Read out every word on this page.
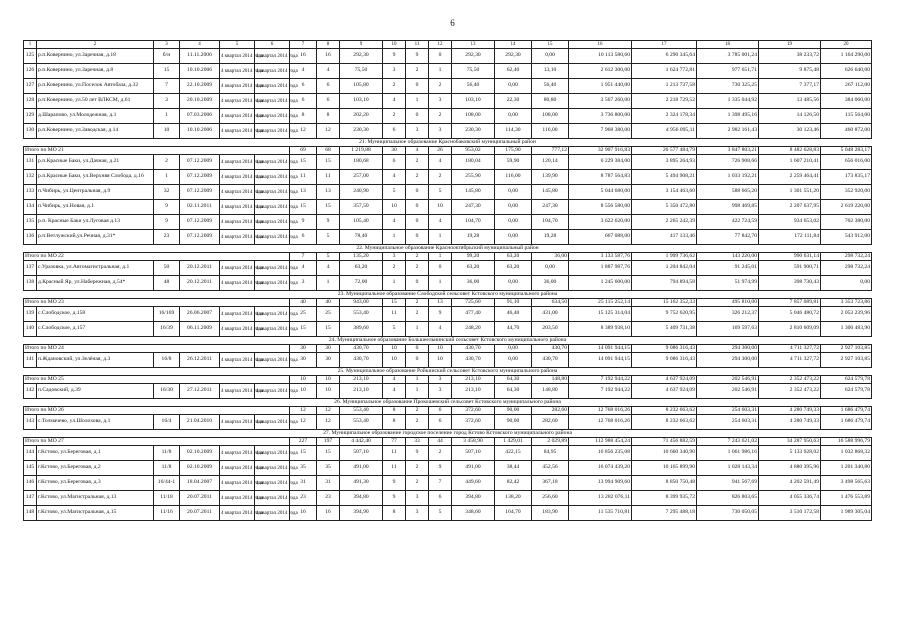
6
1	2	3	4	5	6	7	8	9	10	11	12	13	14	15	16	17	18	19	20
125	р.п.Ковернино, ул.Заречная, д.18	б/н	11.11.2006	4 квартал 2014 года	4 квартал 2014 года	16	16	292,30	9	9	0	292,30	292,30	0,00	10 113 580,60	6 290 345,64	3 785 001,24	38 233,72	1 164 290,00
126	р.п.Ковернино, ул.Заречная, д.8	15	10.10.2006	4 квартал 2014 года	4 квартал 2014 года	4	4	75,50	3	2	1	75,50	62,40	13,10	2 612 300,00	1 624 772,81	977 651,71	9 875,48	626 640,00
127	р.п.Ковернино, ул.Поселок Автобаза, д.32	7	22.10.2009	4 квартал 2014 года	4 квартал 2014 года	6	6	105,80	2	0	2	56,40	0,00	56,40	1 951 440,00	1 213 737,58	730 325,25	7 377,17	267 112,00
128	р.п.Ковернино, ул.50 лет ВЛКСМ, д.61	3	20.10.2009	4 квартал 2014 года	4 квартал 2014 года	6	6	103,10	4	1	3	103,10	22,30	80,80	3 567 260,00	2 218 729,52	1 335 044,92	13 485,56	384 060,00
129	д.Шарапово, ул.Молодежная, д.1	1	07.03.2006	4 квартал 2014 года	4 квартал 2014 года	8	8	202,20	2	0	2	108,00	0,00	108,00	3 736 800,00	2 324 178,34	1 398 495,16	14 126,50	115 564,00
130	р.п.Ковернино, ул.Заводская, д.14	10	10.10.2006	4 квартал 2014 года	4 квартал 2014 года	12	12	230,30	6	3	3	230,30	114,30	116,00	7 968 380,00	4 956 095,11	2 982 161,43	30 123,46	460 872,00
21. Муниципальное образование Краснобаковский муниципальный район																			
Итого по МО 21						69	68	1 219,88	30	4	26	953,02	175,90	777,12	32 907 916,83	20 577 484,79	3 847 803,21	8 482 628,83	5 048 283,17
131	р.п.Красные Баки, ул.Дачная, д.21	2	07.12.2009	4 квартал 2014 года	4 квартал 2014 года	15	15	180,68	6	2	4	180,04	59,90	120,14	6 229 384,00	3 895 264,93	726 908,66	1 607 210,41	656 016,00
132	р.п.Красные Баки, ул.Верхняя Слобода, д.16	1	07.12.2009	4 квартал 2014 года	4 квартал 2014 года	11	11	257,00	4	2	2	255,90	116,00	139,90	8 787 564,83	5 494 908,21	1 033 192,21	2 259 464,41	173 835,17
133	п.Чибирь, ул.Центральная, д.9	32	07.12.2009	4 квартал 2014 года	4 квартал 2014 года	13	13	240,90	5	0	5	145,80	0,00	145,80	5 044 680,00	3 154 463,60	588 665,20	1 301 551,20	352 920,00
134	п.Чибирь, ул.Новая, д.1	9	02.11.2011	4 квартал 2014 года	4 квартал 2014 года	15	15	357,50	10	0	10	247,30	0,00	247,30	8 556 580,00	5 350 472,80	998 469,85	2 207 637,95	2 619 220,00
135	р.п. Красные Баки ул.Луговая д.13	9	07.12.2009	4 квартал 2014 года	4 квартал 2014 года	9	9	105,40	4	0	4	104,70	0,00	104,70	3 622 620,00	2 265 242,39	422 724,59	934 653,02	702 380,00
136	р.п.Ветлужский,ул.Речная, д.31*	23	07.12.2009	4 квартал 2014 года	4 квартал 2014 года	6	5	78,40	1	0	1	19,28	0,00	19,28	667 088,00	417 133,46	77 842,70	172 111,84	543 912,00
22. Муниципальное образование Краснооктябрьский муниципальный район																			
Итого по МО 22						7	5	135,20	3	2	1	99,20	63,20	36,00	3 133 587,76	1 999 736,62	143 220,00	990 631,14	298 732,24
137	с.Уразовка, ул.Автомагистральная, д.1	50	20.12.2011	4 квартал 2014 года	4 квартал 2014 года	4	4	63,20	2	2	0	63,20	63,20	0,00	1 887 987,76	1 204 842,04	91 245,01	591 900,71	298 732,24
138	д.Красный Яр, ул.Набережная, д.54*	48	20.12.2011	4 квартал 2014 года	4 квартал 2014 года	3	1	72,00	1	0	1	36,00	0,00	36,00	1 245 600,00	794 894,58	51 974,99	398 730,43	0,00
23. Муниципальное образование Слободской сельсовет Кстовского муниципального района																			
Итого по МО 23						40	40	943,00	15	2	13	725,60	91,10	634,50	25 115 252,14	15 162 352,33	495 810,00	7 857 089,81	3 353 723,86
139	с.Слободское, д.158	16/169	26.06.2007	4 квартал 2014 года	4 квартал 2014 года	25	25	553,40	11	2	9	477,40	46,40	431,00	15 125 314,04	9 752 620,95	326 212,37	5 046 480,72	2 053 239,96
140	с.Слободское, д.157	16/39	06.11.2009	4 квартал 2014 года	4 квартал 2014 года	15	15	389,60	5	1	4	248,20	44,70	203,50	8 389 938,10	5 409 731,38	169 597,63	2 810 609,09	1 300 483,90
24. Муниципальное образование Большеельнинский сельсовет Кстовского муниципального района																			
Итого по МО 24						30	30	430,70	10	0	10	430,70	0,00	430,70	14 091 944,15	9 086 316,43	294 300,00	4 711 327,72	2 927 103,85
141	п.Ждановский, ул.Зелёная, д.3	16/8	26.12.2011	4 квартал 2014 года	4 квартал 2014 года	30	30	430,70	10	0	10	430,70	0,00	430,70	14 091 944,15	9 086 316,43	294 300,00	4 711 327,72	2 927 103,85
25. Муниципальное образование Ройкинский сельсовет Кстовского муниципального района																			
Итого по МО 25						10	10	213,10	4	1	3	213,10	64,30	148,80	7 192 944,22	4 637 924,09	202 546,91	2 352 473,22	624 579,78
142	п.Садовский, д.39	16/30	27.12.2011	4 квартал 2014 года	4 квартал 2014 года	10	10	213,10	4	1	3	213,10	64,30	148,80	7 192 944,22	4 637 924,09	202 546,91	2 352 473,22	624 579,78
26. Муниципальное образование Прокошевский сельсовет Кстовского муниципального района																			
Итого по МО 26						12	12	553,40	8	2	6	372,60	90,00	282,60	12 768 016,26	8 232 663,62	254 603,31	4 280 749,33	1 686 479,74
143	с.Толмачево, ул.Шолохова, д.1	16/4	21.04.2010	4 квартал 2014 года	4 квартал 2014 года	12	12	553,40	8	2	6	372,60	90,00	282,60	12 768 016,26	8 232 663,62	254 603,31	4 280 749,33	1 686 479,74
27. Муниципальное образование городское поселение город Кстово Кстовского муниципального района																			
Итого по МО 27						227	197	4 442,40	77	33	44	3 458,90	1 429,01	2 029,89	112 988 454,24	71 456 882,59	7 243 621,02	34 287 950,63	16 588 996,79
144	г.Кстово, ул.Береговая, д.1	11/8	02.10.2009	4 квартал 2014 года	4 квартал 2014 года	15	15	507,10	11	9	2	507,10	422,15	84,95	16 856 235,08	10 660 340,90	1 061 986,16	5 133 928,02	1 032 868,32
145	г.Кстово, ул.Береговая, д.2	11/8	02.10.2009	4 квартал 2014 года	4 квартал 2014 года	35	35	491,00	11	2	9	491,00	38,44	452,56	16 074 439,20	10 165 899,90	1 028 143,34	4 880 395,96	1 201 340,80
146	г.Кстово, ул.Береговая, д.3	16/44-1	18.04.2007	4 квартал 2014 года	4 квартал 2014 года	31	31	491,30	9	2	7	449,60	82,42	367,18	13 994 909,60	8 850 750,48	941 567,69	4 202 591,49	3 498 565,63
147	г.Кстово, ул.Магистральная, д.13	11/18	20.07.2011	4 квартал 2014 года	4 квартал 2014 года	23	23	394,80	9	3	6	394,80	138,20	256,60	13 282 076,11	8 399 935,72	826 803,65	4 055 336,74	1 476 553,89
148	г.Кстово, ул.Магистральная, д.15	11/16	20.07.2011	4 квартал 2014 года	4 квартал 2014 года	16	16	394,90	8	3	5	348,60	164,70	183,90	11 535 710,81	7 295 488,18	730 050,05	3 510 172,58	1 989 305,04
